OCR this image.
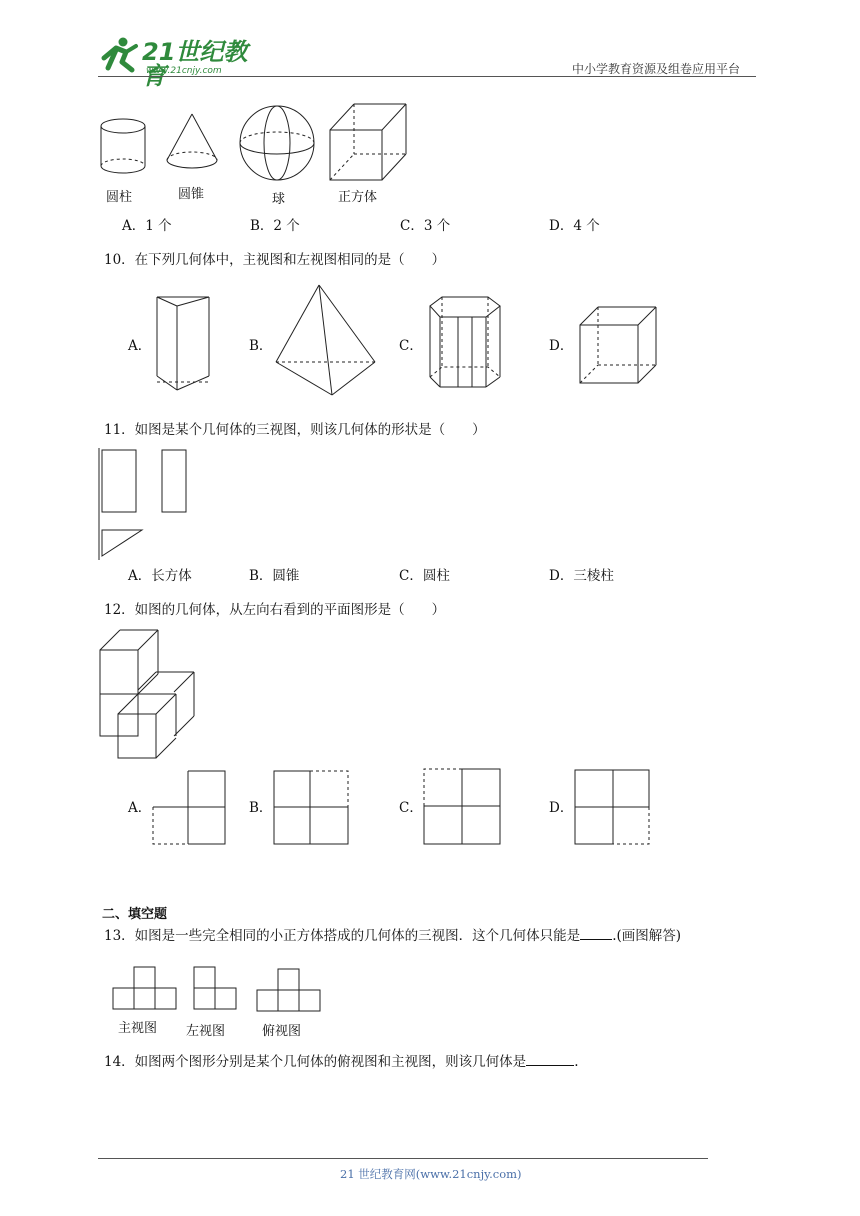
21世纪教育
www.21cnjy.com	中小学教育资源及组卷应用平台
圆柱	圆锥	球	正方体
A．1 个	B．2 个	C．3 个	D．4 个
10．在下列几何体中，主视图和左视图相同的是（　　）
A．	B．	C．	D．
11．如图是某个几何体的三视图，则该几何体的形状是（　　）
A．长方体	B．圆锥	C．圆柱	D．三棱柱
12．如图的几何体，从左向右看到的平面图形是（　　）
A．	B．	C．	D．
二、填空题
13．如图是一些完全相同的小正方体搭成的几何体的三视图．这个几何体只能是 .(画图解答)
主视图 左视图	俯视图
14．如图两个图形分别是某个几何体的俯视图和主视图，则该几何体是	.
21 世纪教育网(www.21cnjy.com)
